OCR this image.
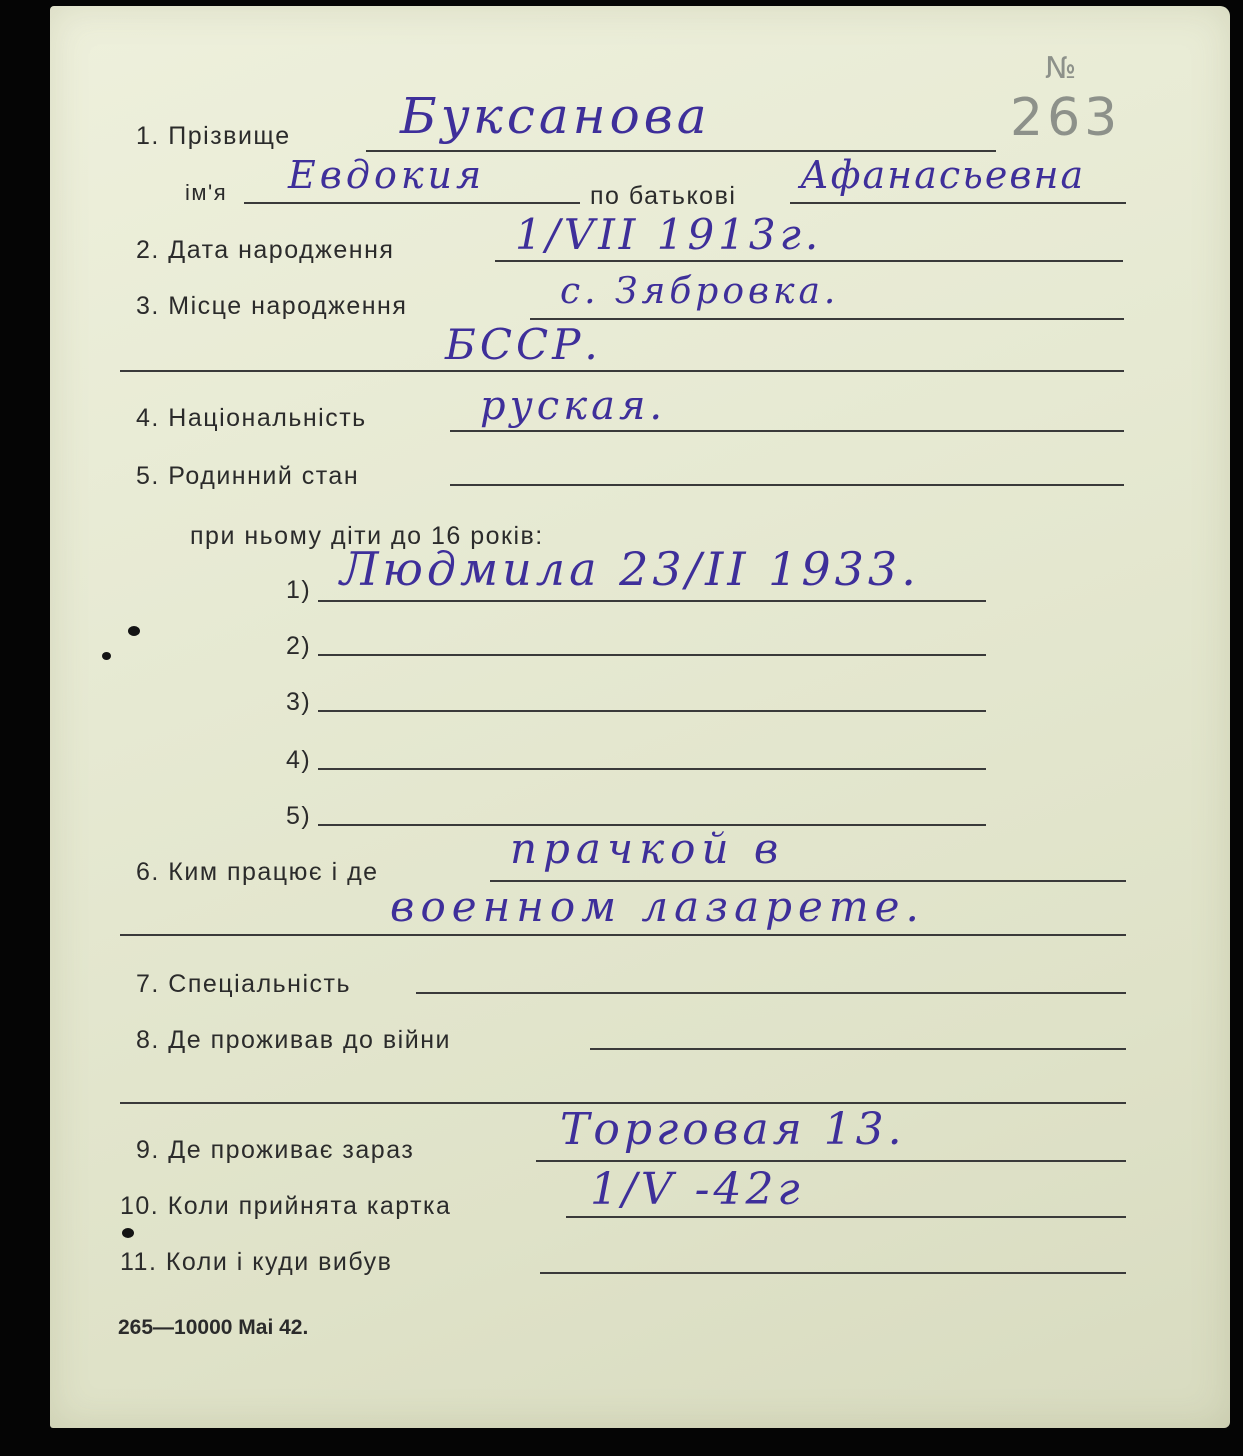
№
263
1. Прізвище Бyксанова
ім'я Евдокия	по батькові Афанасьевна
2. Дата народження	1/VII 1913г.
3. Місце народження	с. Зябровка.
БССР.
4. Національність	руская.
5. Родинний стан
при ньому діти до 16 років:
1) Людмила 23/II 1933.
2)
3)
4)
5)
6. Ким працює і де	прачкой в
военном лазарете.
7. Спеціальність
8. Де проживав до війни
9. Де проживає зараз	Торговая 13.
10. Коли прийнята картка	1/V -42г
11. Коли і куди вибув
265—10000 Mai 42.
